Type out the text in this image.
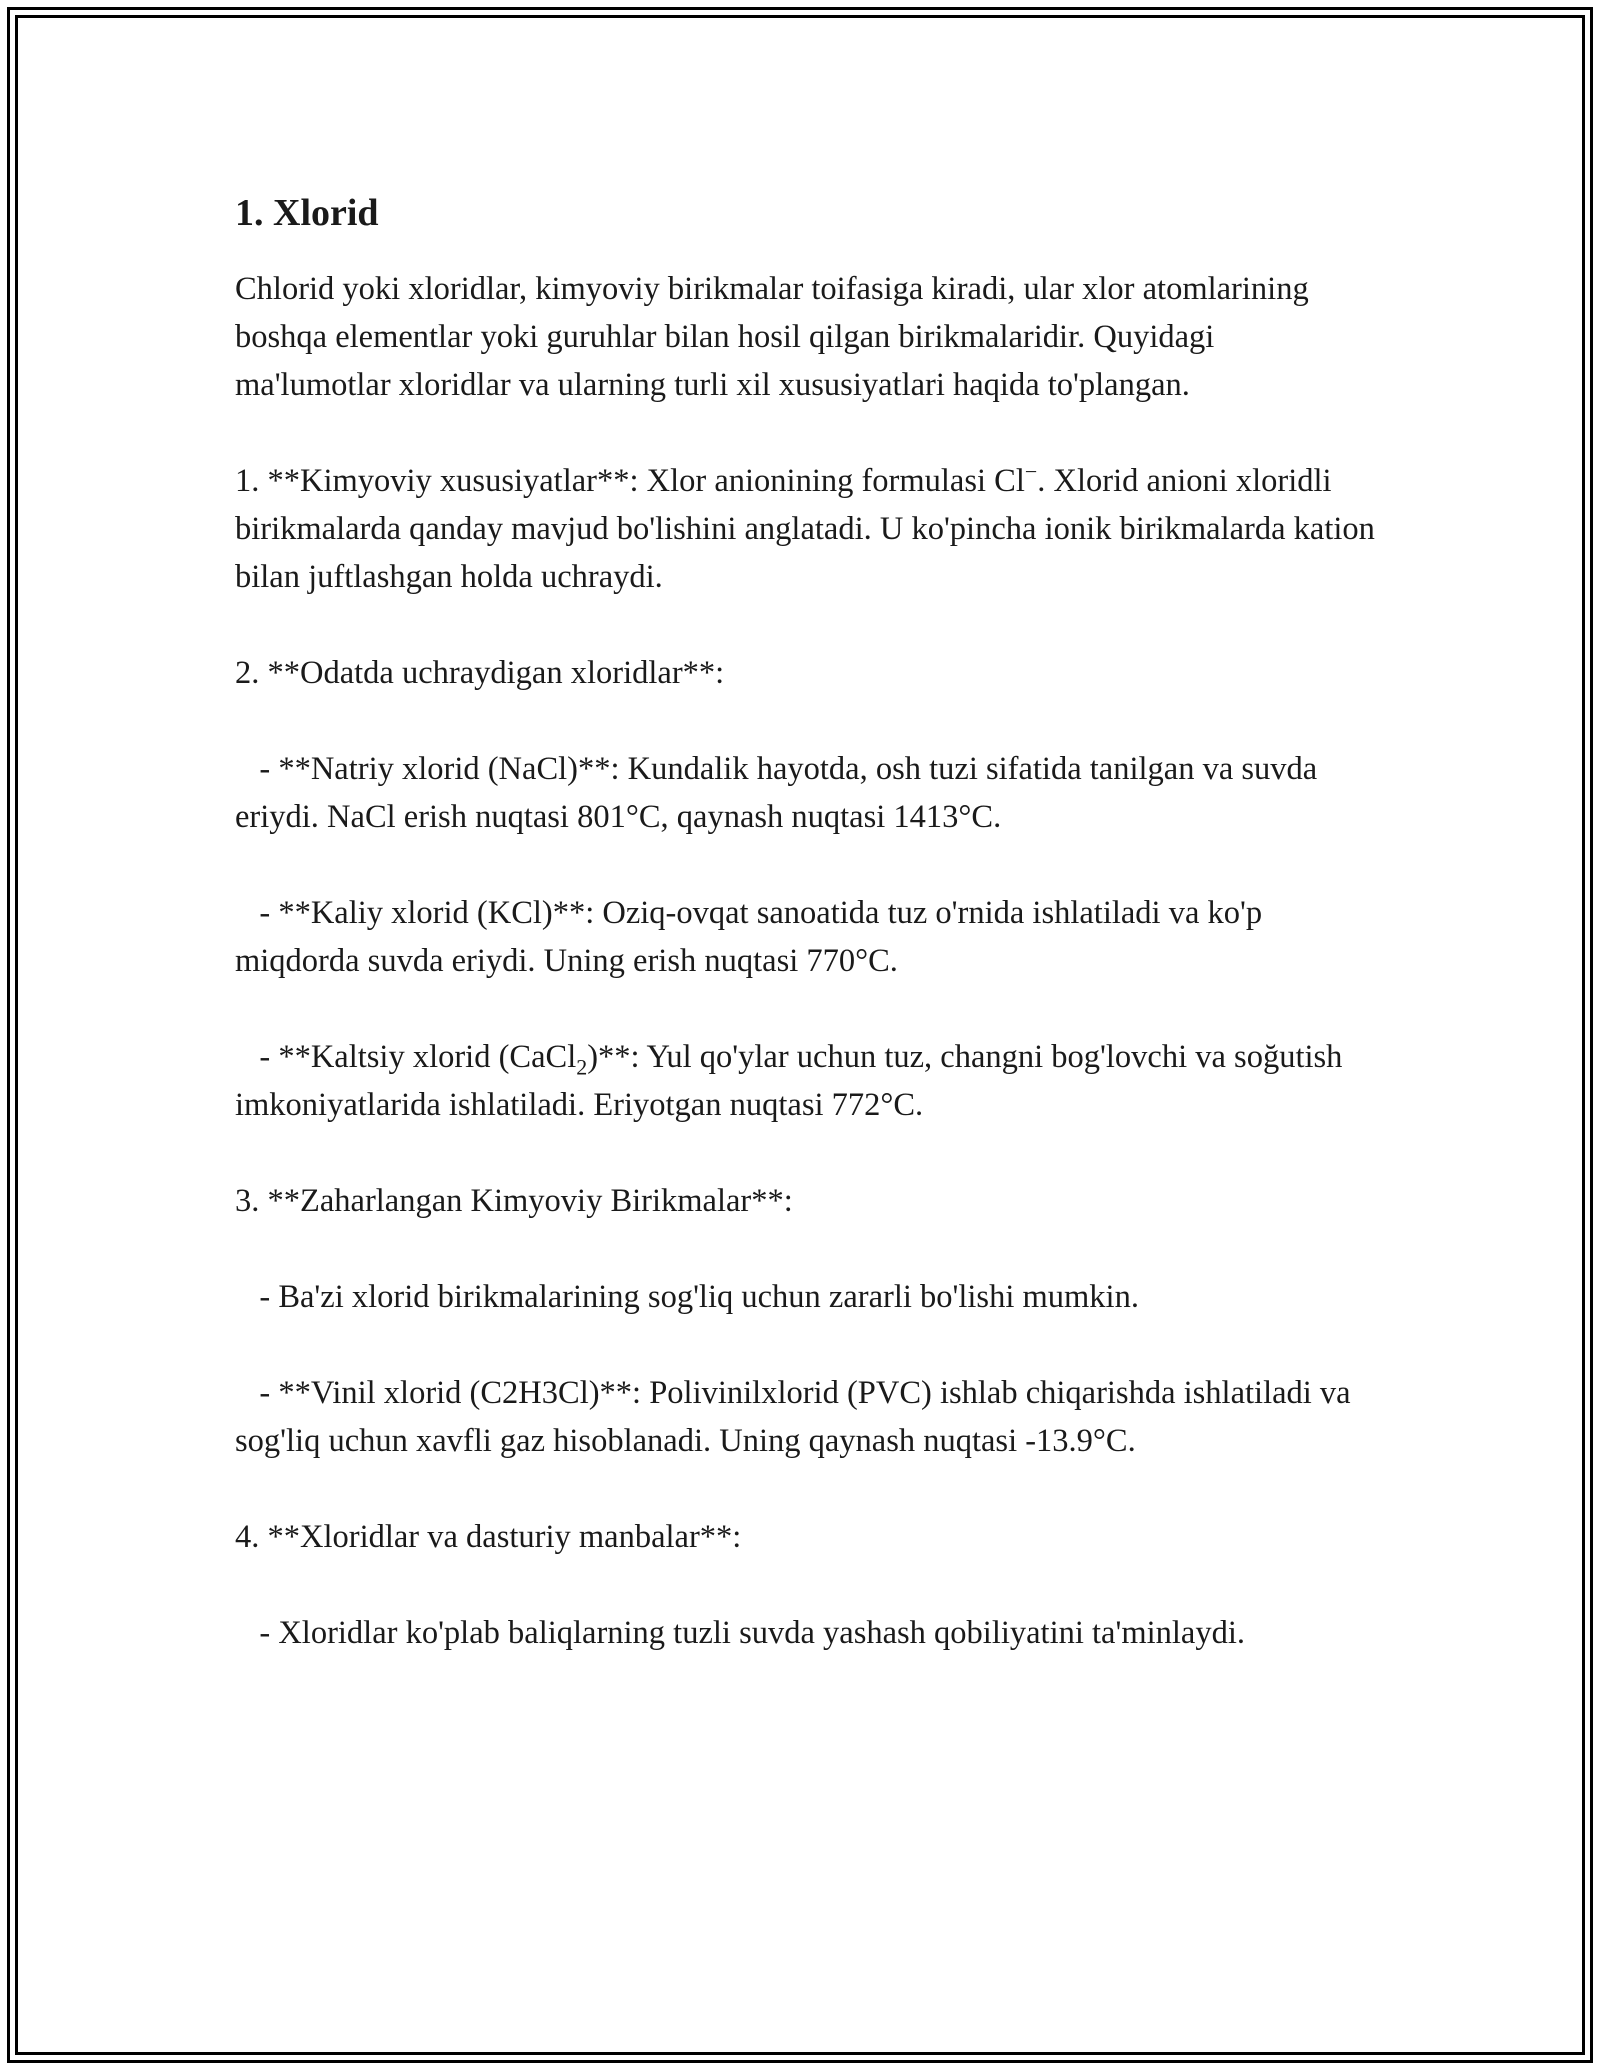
1. Xlorid

Chlorid yoki xloridlar, kimyoviy birikmalar toifasiga kiradi, ular xlor atomlarining boshqa elementlar yoki guruhlar bilan hosil qilgan birikmalaridir. Quyidagi ma'lumotlar xloridlar va ularning turli xil xususiyatlari haqida to'plangan.

1. **Kimyoviy xususiyatlar**: Xlor anionining formulasi Cl−. Xlorid anioni xloridli birikmalarda qanday mavjud bo'lishini anglatadi. U ko'pincha ionik birikmalarda kation bilan juftlashgan holda uchraydi.

2. **Odatda uchraydigan xloridlar**:

- **Natriy xlorid (NaCl)**: Kundalik hayotda, osh tuzi sifatida tanilgan va suvda eriydi. NaCl erish nuqtasi 801°C, qaynash nuqtasi 1413°C.

- **Kaliy xlorid (KCl)**: Oziq-ovqat sanoatida tuz o'rnida ishlatiladi va ko'p miqdorda suvda eriydi. Uning erish nuqtasi 770°C.

- **Kaltsiy xlorid (CaCl$_2$)**: Yul qo'ylar uchun tuz, changni bog'lovchi va soğutish imkoniyatlarida ishlatiladi. Eriyotgan nuqtasi 772°C.

3. **Zaharlangan Kimyoviy Birikmalar**:

- Ba'zi xlorid birikmalarining sog'liq uchun zararli bo'lishi mumkin.

- **Vinil xlorid (C2H3Cl)**: Polivinilxlorid (PVC) ishlab chiqarishda ishlatiladi va sog'liq uchun xavfli gaz hisoblanadi. Uning qaynash nuqtasi -13.9°C.

4. **Xloridlar va dasturiy manbalar**:

- Xloridlar ko'plab baliqlarning tuzli suvda yashash qobiliyatini ta'minlaydi.
